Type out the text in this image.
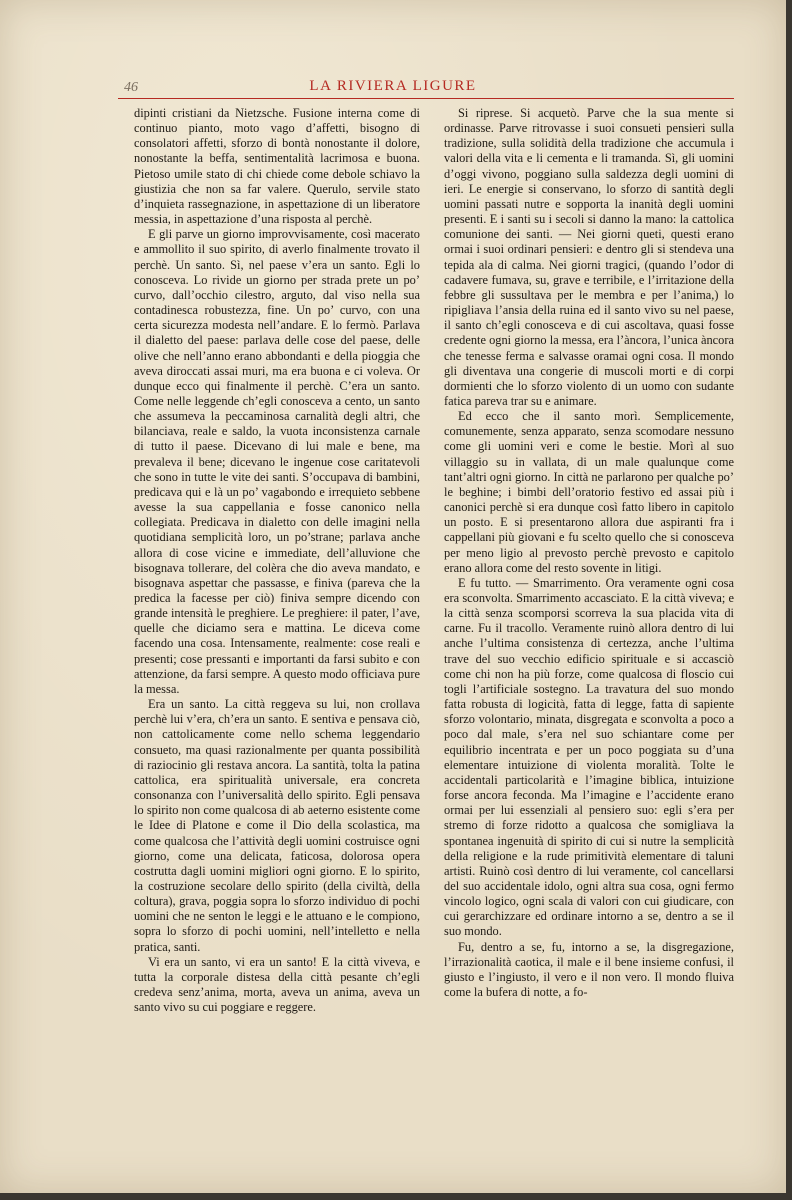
46	LA RIVIERA LIGURE

dipinti cristiani da Nietzsche. Fusione interna come di continuo pianto, moto vago d’affetti, bisogno di consolatori affetti, sforzo di bontà nonostante il dolore, nonostante la beffa, sentimentalità lacrimosa e buona. Pietoso umile stato di chi chiede come debole schiavo la giustizia che non sa far valere. Querulo, servile stato d’inquieta rassegnazione, in aspettazione di un liberatore messia, in aspettazione d’una risposta al perchè.

E gli parve un giorno improvvisamente, così macerato e ammollito il suo spirito, di averlo finalmente trovato il perchè. Un santo. Sì, nel paese v’era un santo. Egli lo conosceva. Lo rivide un giorno per strada prete un po’ curvo, dall’occhio cilestro, arguto, dal viso nella sua contadinesca robustezza, fine. Un po’ curvo, con una certa sicurezza modesta nell’andare. E lo fermò. Parlava il dialetto del paese: parlava delle cose del paese, delle olive che nell’anno erano abbondanti e della pioggia che aveva diroccati assai muri, ma era buona e ci voleva. Or dunque ecco qui finalmente il perchè. C’era un santo. Come nelle leggende ch’egli conosceva a cento, un santo che assumeva la peccaminosa carnalità degli altri, che bilanciava, reale e saldo, la vuota inconsistenza carnale di tutto il paese. Dicevano di lui male e bene, ma prevaleva il bene; dicevano le ingenue cose caritatevoli che sono in tutte le vite dei santi. S’occupava di bambini, predicava qui e là un po’ vagabondo e irrequieto sebbene avesse la sua cappellania e fosse canonico nella collegiata. Predicava in dialetto con delle imagini nella quotidiana semplicità loro, un po’strane; parlava anche allora di cose vicine e immediate, dell’alluvione che bisognava tollerare, del colèra che dio aveva mandato, e bisognava aspettar che passasse, e finiva (pareva che la predica la facesse per ciò) finiva sempre dicendo con grande intensità le preghiere. Le preghiere: il pater, l’ave, quelle che diciamo sera e mattina. Le diceva come facendo una cosa. Intensamente, realmente: cose reali e presenti; cose pressanti e importanti da farsi subito e con attenzione, da farsi sempre. A questo modo officiava pure la messa.

Era un santo. La città reggeva su lui, non crollava perchè lui v’era, ch’era un santo. E sentiva e pensava ciò, non cattolicamente come nello schema leggendario consueto, ma quasi razionalmente per quanta possibilità di raziocinio gli restava ancora. La santità, tolta la patina cattolica, era spiritualità universale, era concreta consonanza con l’universalità dello spirito. Egli pensava lo spirito non come qualcosa di ab aeterno esistente come le Idee di Platone e come il Dio della scolastica, ma come qualcosa che l’attività degli uomini costruisce ogni giorno, come una delicata, faticosa, dolorosa opera costrutta dagli uomini migliori ogni giorno. E lo spirito, la costruzione secolare dello spirito (della civiltà, della coltura), grava, poggia sopra lo sforzo individuo di pochi uomini che ne senton le leggi e le attuano e le compiono, sopra lo sforzo di pochi uomini, nell’intelletto e nella pratica, santi.

Vi era un santo, vi era un santo! E la città viveva, e tutta la corporale distesa della città pesante ch’egli credeva senz’anima, morta, aveva un anima, aveva un santo vivo su cui poggiare e reggere.

Si riprese. Si acquetò. Parve che la sua mente si ordinasse. Parve ritrovasse i suoi consueti pensieri sulla tradizione, sulla solidità della tradizione che accumula i valori della vita e li cementa e li tramanda. Sì, gli uomini d’oggi vivono, poggiano sulla saldezza degli uomini di ieri. Le energie si conservano, lo sforzo di santità degli uomini passati nutre e sopporta la inanità degli uomini presenti. E i santi su i secoli si danno la mano: la cattolica comunione dei santi. — Nei giorni queti, questi erano ormai i suoi ordinari pensieri: e dentro gli si stendeva una tepida ala di calma. Nei giorni tragici, (quando l’odor di cadavere fumava, su, grave e terribile, e l’irritazione della febbre gli sussultava per le membra e per l’anima,) lo ripigliava l’ansia della ruina ed il santo vivo su nel paese, il santo ch’egli conosceva e di cui ascoltava, quasi fosse credente ogni giorno la messa, era l’àncora, l’unica àncora che tenesse ferma e salvasse oramai ogni cosa. Il mondo gli diventava una congerie di muscoli morti e di corpi dormienti che lo sforzo violento di un uomo con sudante fatica pareva trar su e animare.

Ed ecco che il santo morì. Semplicemente, comunemente, senza apparato, senza scomodare nessuno come gli uomini veri e come le bestie. Morì al suo villaggio su in vallata, di un male qualunque come tant’altri ogni giorno. In città ne parlarono per qualche po’ le beghine; i bimbi dell’oratorio festivo ed assai più i canonici perchè si era dunque così fatto libero in capitolo un posto. E si presentarono allora due aspiranti fra i cappellani più giovani e fu scelto quello che si conosceva per meno ligio al prevosto perchè prevosto e capitolo erano allora come del resto sovente in litigi.

E fu tutto. — Smarrimento. Ora veramente ogni cosa era sconvolta. Smarrimento accasciato. E la città viveva; e la città senza scomporsi scorreva la sua placida vita di carne. Fu il tracollo. Veramente ruinò allora dentro di lui anche l’ultima consistenza di certezza, anche l’ultima trave del suo vecchio edificio spirituale e si accasciò come chi non ha più forze, come qualcosa di floscio cui togli l’artificiale sostegno. La travatura del suo mondo fatta robusta di logicità, fatta di legge, fatta di sapiente sforzo volontario, minata, disgregata e sconvolta a poco a poco dal male, s’era nel suo schiantare come per equilibrio incentrata e per un poco poggiata su d’una elementare intuizione di violenta moralità. Tolte le accidentali particolarità e l’imagine biblica, intuizione forse ancora feconda. Ma l’imagine e l’accidente erano ormai per lui essenziali al pensiero suo: egli s’era per stremo di forze ridotto a qualcosa che somigliava la spontanea ingenuità di spirito di cui si nutre la semplicità della religione e la rude primitività elementare di taluni artisti. Ruinò così dentro di lui veramente, col cancellarsi del suo accidentale idolo, ogni altra sua cosa, ogni fermo vincolo logico, ogni scala di valori con cui giudicare, con cui gerarchizzare ed ordinare intorno a se, dentro a se il suo mondo.

Fu, dentro a se, fu, intorno a se, la disgregazione, l’irrazionalità caotica, il male e il bene insieme confusi, il giusto e l’ingiusto, il vero e il non vero. Il mondo fluiva come la bufera di notte, a fo-
